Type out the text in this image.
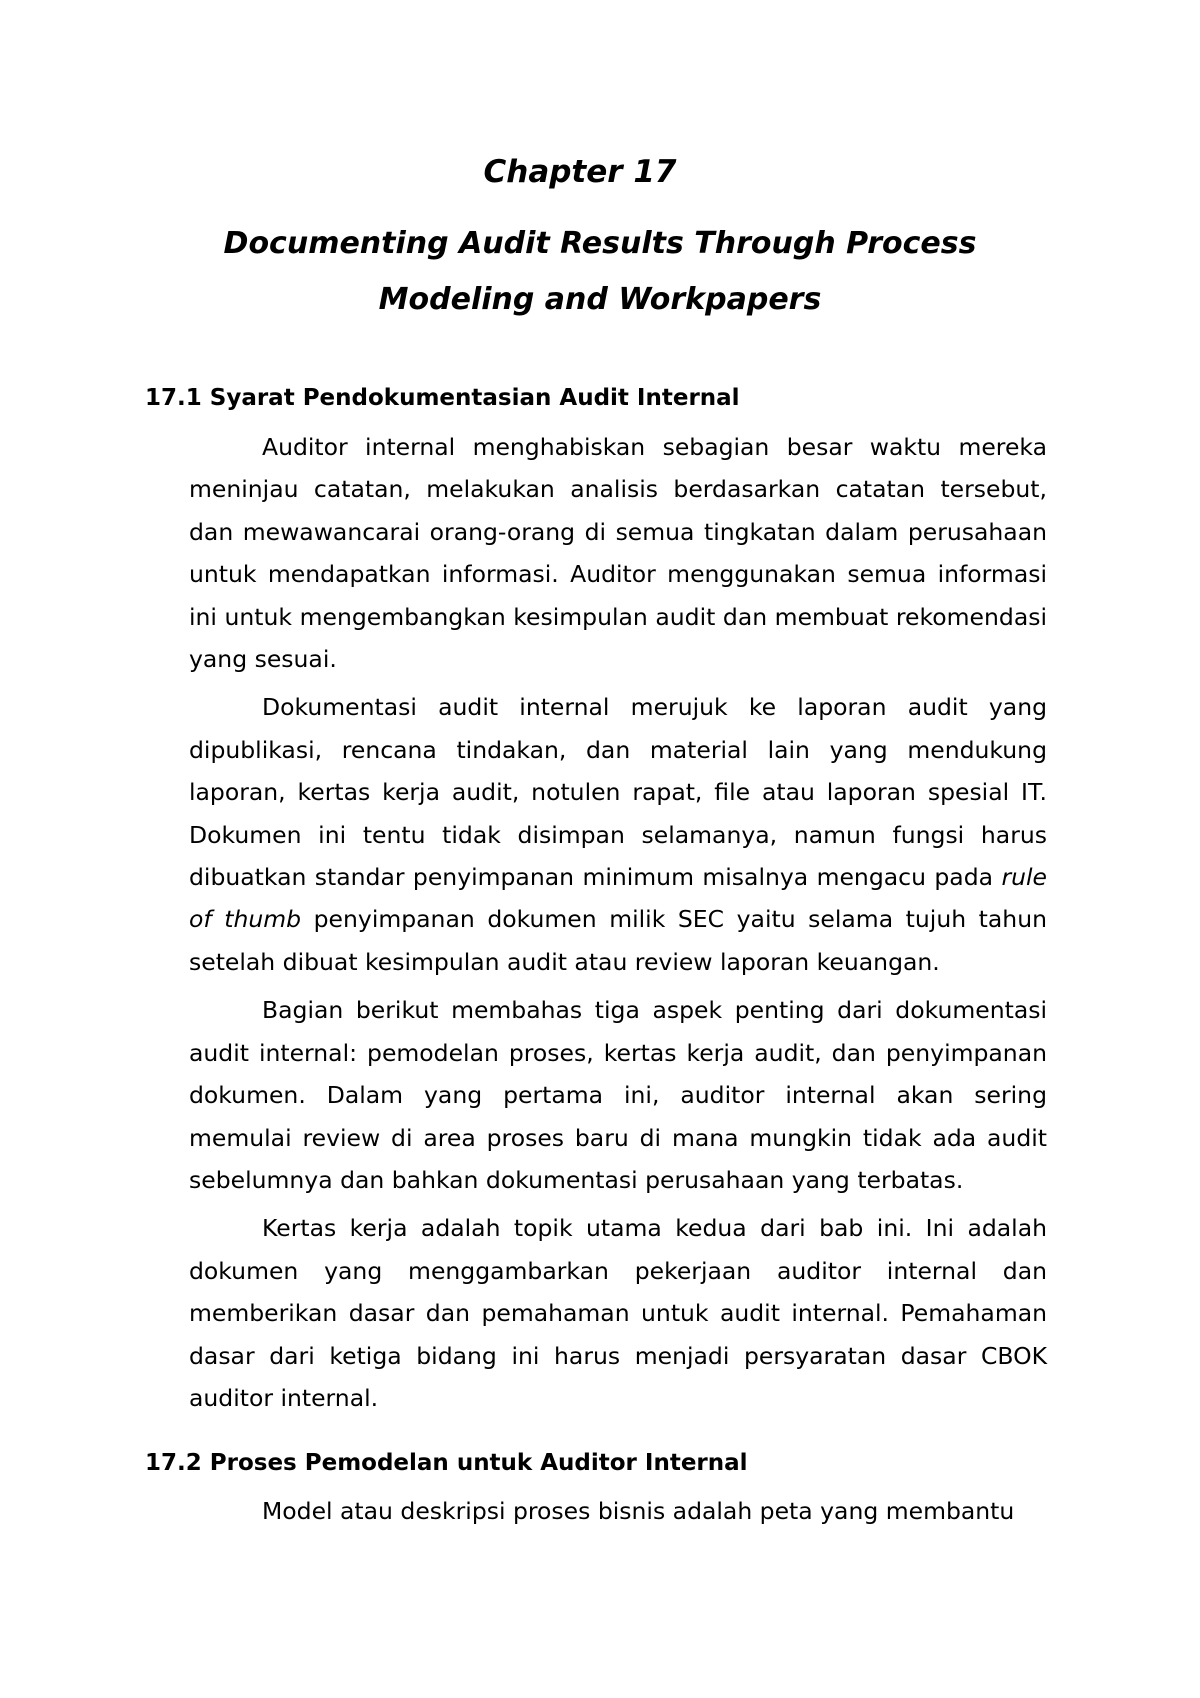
Chapter 17
Documenting Audit Results Through Process
Modeling and Workpapers
17.1 Syarat Pendokumentasian Audit Internal

Auditor internal menghabiskan sebagian besar waktu mereka meninjau catatan, melakukan analisis berdasarkan catatan tersebut, dan mewawancarai orang-orang di semua tingkatan dalam perusahaan untuk mendapatkan informasi. Auditor menggunakan semua informasi ini untuk mengembangkan kesimpulan audit dan membuat rekomendasi yang sesuai.

Dokumentasi audit internal merujuk ke laporan audit yang dipublikasi, rencana tindakan, dan material lain yang mendukung laporan, kertas kerja audit, notulen rapat, file atau laporan spesial IT. Dokumen ini tentu tidak disimpan selamanya, namun fungsi harus dibuatkan standar penyimpanan minimum misalnya mengacu pada rule of thumb penyimpanan dokumen milik SEC yaitu selama tujuh tahun setelah dibuat kesimpulan audit atau review laporan keuangan.

Bagian berikut membahas tiga aspek penting dari dokumentasi audit internal: pemodelan proses, kertas kerja audit, dan penyimpanan dokumen. Dalam yang pertama ini, auditor internal akan sering memulai review di area proses baru di mana mungkin tidak ada audit sebelumnya dan bahkan dokumentasi perusahaan yang terbatas.

Kertas kerja adalah topik utama kedua dari bab ini. Ini adalah dokumen yang menggambarkan pekerjaan auditor internal dan memberikan dasar dan pemahaman untuk audit internal. Pemahaman dasar dari ketiga bidang ini harus menjadi persyaratan dasar CBOK auditor internal.

17.2 Proses Pemodelan untuk Auditor Internal

Model atau deskripsi proses bisnis adalah peta yang membantu
